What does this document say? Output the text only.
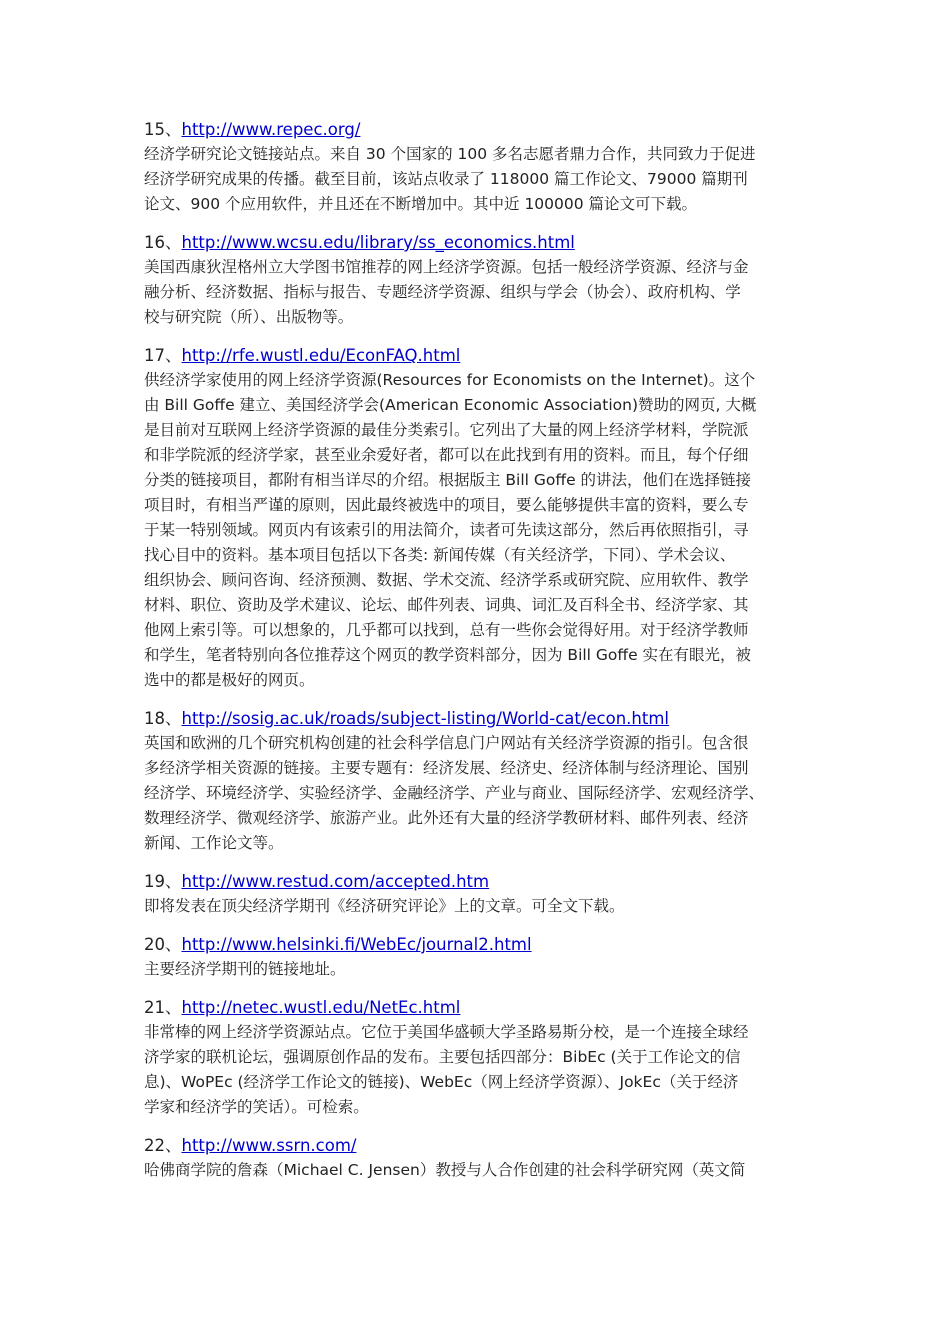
15、http://www.repec.org/
经济学研究论文链接站点。来自 30 个国家的 100 多名志愿者鼎力合作，共同致力于促进
经济学研究成果的传播。截至目前，该站点收录了 118000 篇工作论文、79000 篇期刊
论文、900 个应用软件，并且还在不断增加中。其中近 100000 篇论文可下载。
16、http://www.wcsu.edu/library/ss_economics.html
美国西康狄涅格州立大学图书馆推荐的网上经济学资源。包括一般经济学资源、经济与金
融分析、经济数据、指标与报告、专题经济学资源、组织与学会（协会）、政府机构、学
校与研究院（所）、出版物等。
17、http://rfe.wustl.edu/EconFAQ.html
供经济学家使用的网上经济学资源(Resources for Economists on the Internet)。这个
由 Bill Goffe 建立、美国经济学会(American Economic Association)赞助的网页, 大概
是目前对互联网上经济学资源的最佳分类索引。它列出了大量的网上经济学材料，学院派
和非学院派的经济学家，甚至业余爱好者，都可以在此找到有用的资料。而且，每个仔细
分类的链接项目，都附有相当详尽的介绍。根据版主 Bill Goffe 的讲法，他们在选择链接
项目时，有相当严谨的原则，因此最终被选中的项目，要么能够提供丰富的资料，要么专
于某一特别领域。网页内有该索引的用法简介，读者可先读这部分，然后再依照指引，寻
找心目中的资料。基本项目包括以下各类: 新闻传媒（有关经济学，下同）、学术会议、
组织协会、顾问咨询、经济预测、数据、学术交流、经济学系或研究院、应用软件、教学
材料、职位、资助及学术建议、论坛、邮件列表、词典、词汇及百科全书、经济学家、其
他网上索引等。可以想象的，几乎都可以找到，总有一些你会觉得好用。对于经济学教师
和学生，笔者特别向各位推荐这个网页的教学资料部分，因为 Bill Goffe 实在有眼光，被
选中的都是极好的网页。
18、http://sosig.ac.uk/roads/subject-listing/World-cat/econ.html
英国和欧洲的几个研究机构创建的社会科学信息门户网站有关经济学资源的指引。包含很
多经济学相关资源的链接。主要专题有：经济发展、经济史、经济体制与经济理论、国别
经济学、环境经济学、实验经济学、金融经济学、产业与商业、国际经济学、宏观经济学、
数理经济学、微观经济学、旅游产业。此外还有大量的经济学教研材料、邮件列表、经济
新闻、工作论文等。
19、http://www.restud.com/accepted.htm
即将发表在顶尖经济学期刊《经济研究评论》上的文章。可全文下载。
20、http://www.helsinki.fi/WebEc/journal2.html
主要经济学期刊的链接地址。
21、http://netec.wustl.edu/NetEc.html
非常棒的网上经济学资源站点。它位于美国华盛顿大学圣路易斯分校，是一个连接全球经
济学家的联机论坛，强调原创作品的发布。主要包括四部分：BibEc (关于工作论文的信
息)、WoPEc (经济学工作论文的链接)、WebEc（网上经济学资源）、JokEc（关于经济
学家和经济学的笑话）。可检索。
22、http://www.ssrn.com/
哈佛商学院的詹森（Michael C. Jensen）教授与人合作创建的社会科学研究网（英文简
